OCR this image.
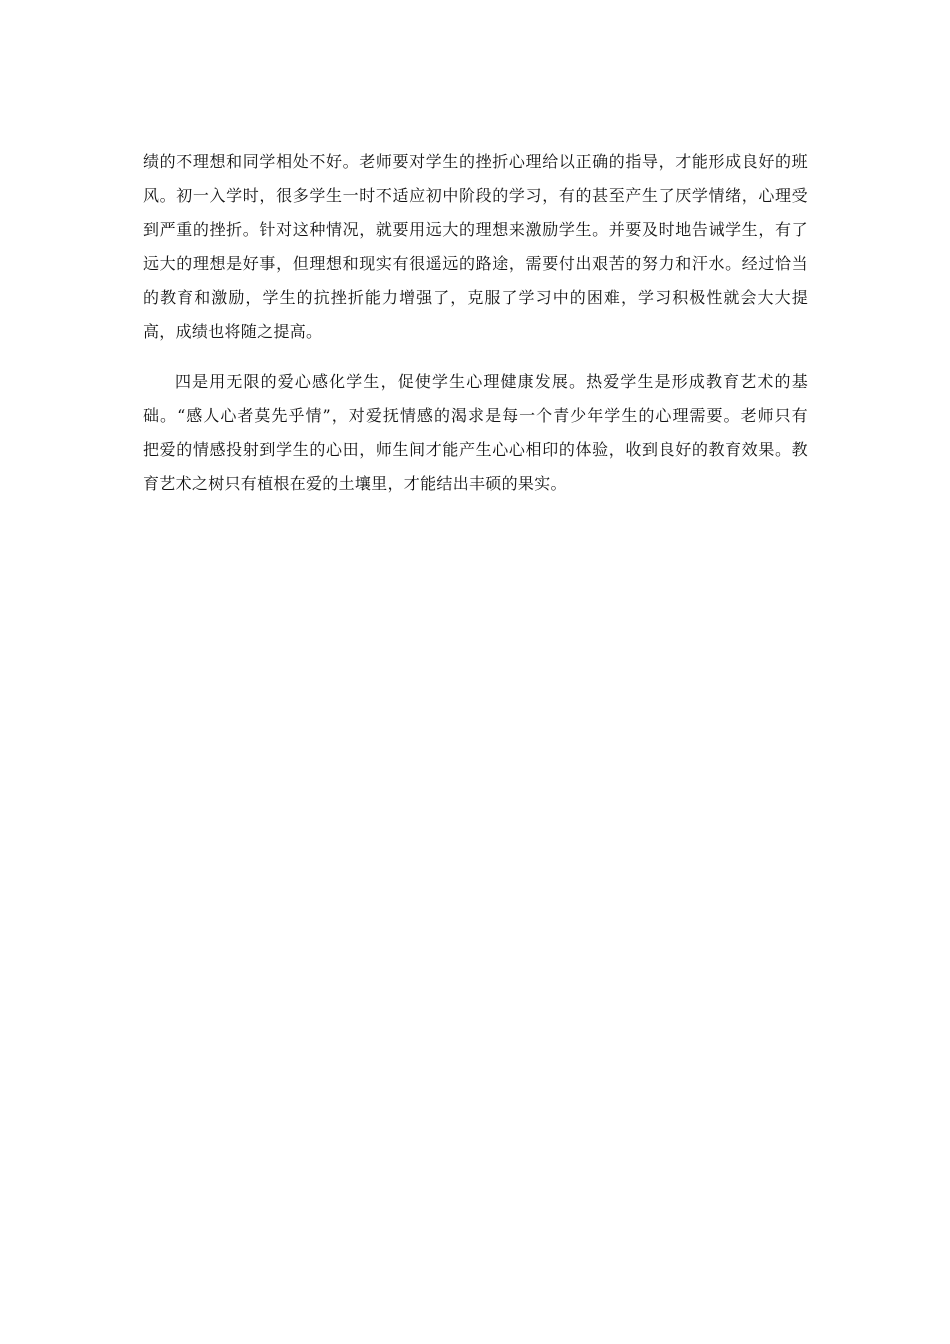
绩的不理想和同学相处不好。老师要对学生的挫折心理给以正确的指导，才能形成良好的班
风。初一入学时，很多学生一时不适应初中阶段的学习，有的甚至产生了厌学情绪，心理受
到严重的挫折。针对这种情况，就要用远大的理想来激励学生。并要及时地告诫学生，有了
远大的理想是好事，但理想和现实有很遥远的路途，需要付出艰苦的努力和汗水。经过恰当
的教育和激励，学生的抗挫折能力增强了，克服了学习中的困难，学习积极性就会大大提
高，成绩也将随之提高。
四是用无限的爱心感化学生，促使学生心理健康发展。热爱学生是形成教育艺术的基
础。“感人心者莫先乎情”，对爱抚情感的渴求是每一个青少年学生的心理需要。老师只有
把爱的情感投射到学生的心田，师生间才能产生心心相印的体验，收到良好的教育效果。教
育艺术之树只有植根在爱的土壤里，才能结出丰硕的果实。
